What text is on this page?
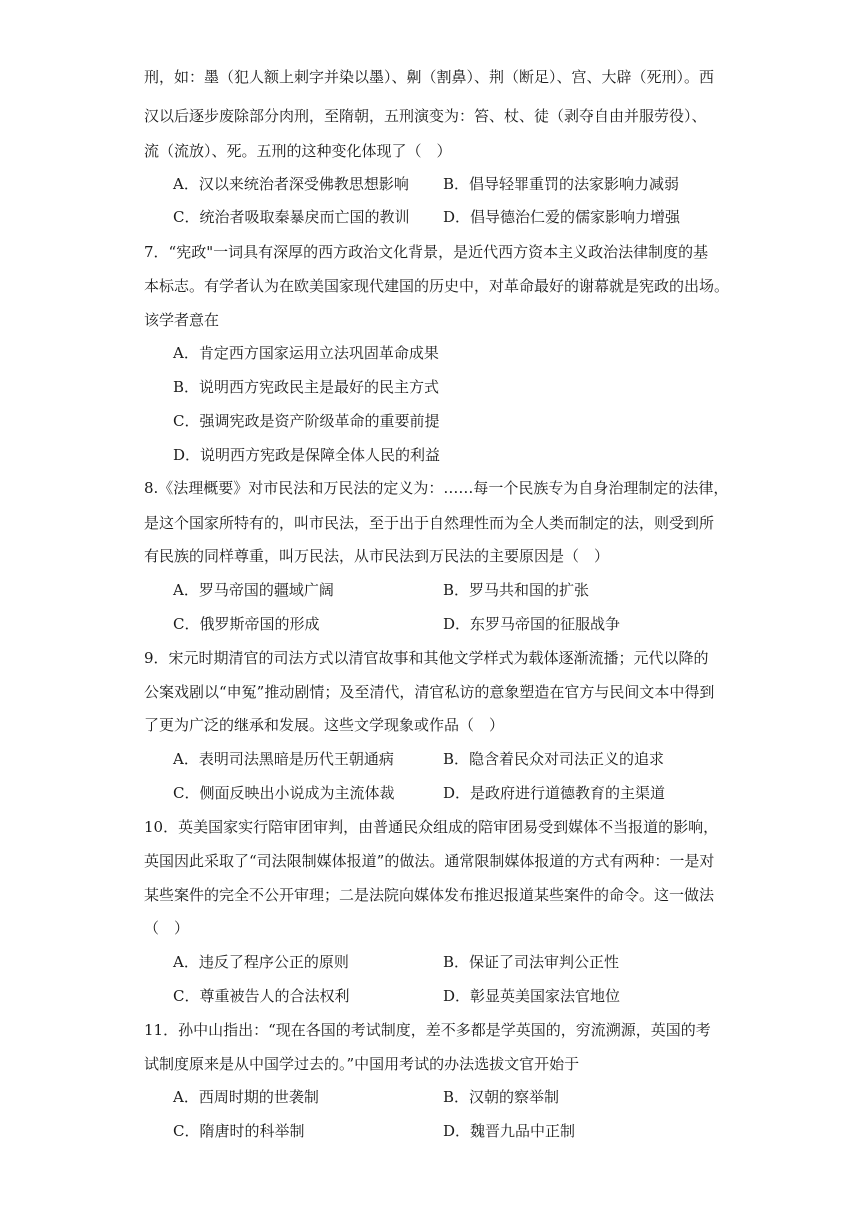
刑，如：墨（犯人额上刺字并染以墨）、劓（割鼻）、荆（断足）、宫、大辟（死刑）。西
汉以后逐步废除部分肉刑，至隋朝，五刑演变为：笞、杖、徒（剥夺自由并服劳役）、
流（流放）、死。五刑的这种变化体现了（　）
A．汉以来统治者深受佛教思想影响 B．倡导轻罪重罚的法家影响力减弱
C．统治者吸取秦暴戾而亡国的教训 D．倡导德治仁爱的儒家影响力增强
7．“宪政"一词具有深厚的西方政治文化背景，是近代西方资本主义政治法律制度的基
本标志。有学者认为在欧美国家现代建国的历史中，对革命最好的谢幕就是宪政的出场。
该学者意在
A．肯定西方国家运用立法巩固革命成果
B．说明西方宪政民主是最好的民主方式
C．强调宪政是资产阶级革命的重要前提
D．说明西方宪政是保障全体人民的利益
8.《法理概要》对市民法和万民法的定义为：……每一个民族专为自身治理制定的法律，
是这个国家所特有的，叫市民法，至于出于自然理性而为全人类而制定的法，则受到所
有民族的同样尊重，叫万民法，从市民法到万民法的主要原因是（　）
A．罗马帝国的疆域广阔	B．罗马共和国的扩张
C．俄罗斯帝国的形成	D．东罗马帝国的征服战争
9．宋元时期清官的司法方式以清官故事和其他文学样式为载体逐渐流播；元代以降的
公案戏剧以“申冤”推动剧情；及至清代，清官私访的意象塑造在官方与民间文本中得到
了更为广泛的继承和发展。这些文学现象或作品（　）
A．表明司法黑暗是历代王朝通病	B．隐含着民众对司法正义的追求
C．侧面反映出小说成为主流体裁	D．是政府进行道德教育的主渠道
10．英美国家实行陪审团审判，由普通民众组成的陪审团易受到媒体不当报道的影响，
英国因此采取了“司法限制媒体报道”的做法。通常限制媒体报道的方式有两种：一是对
某些案件的完全不公开审理；二是法院向媒体发布推迟报道某些案件的命令。这一做法
（　）
A．违反了程序公正的原则	B．保证了司法审判公正性
C．尊重被告人的合法权利	D．彰显英美国家法官地位
11．孙中山指出：“现在各国的考试制度，差不多都是学英国的，穷流溯源，英国的考
试制度原来是从中国学过去的。”中国用考试的办法选拔文官开始于
A．西周时期的世袭制	B．汉朝的察举制
C．隋唐时的科举制	D．魏晋九品中正制
